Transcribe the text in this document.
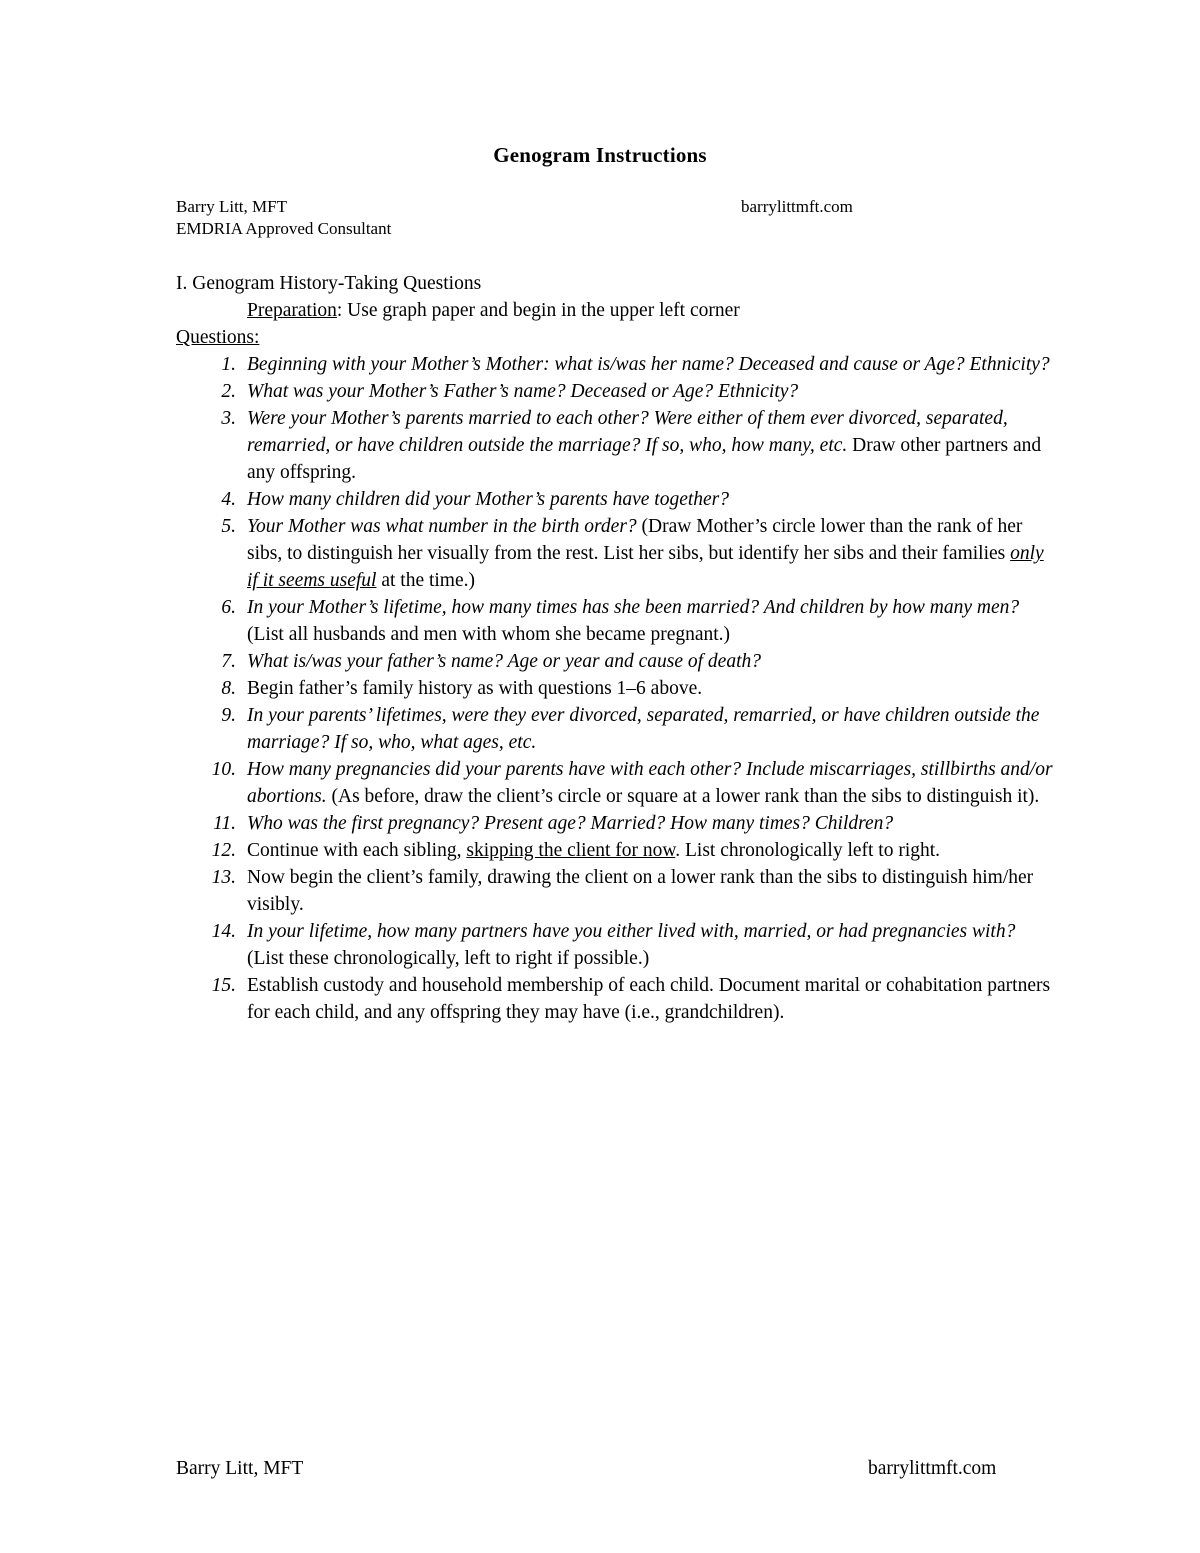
Genogram Instructions
Barry Litt, MFT
EMDRIA Approved Consultant
barrylittmft.com
I. Genogram History-Taking Questions
Preparation: Use graph paper and begin in the upper left corner
Questions:
1. Beginning with your Mother’s Mother: what is/was her name? Deceased and cause or Age? Ethnicity?
2. What was your Mother’s Father’s name? Deceased or Age? Ethnicity?
3. Were your Mother’s parents married to each other? Were either of them ever divorced, separated, remarried, or have children outside the marriage? If so, who, how many, etc. Draw other partners and any offspring.
4. How many children did your Mother’s parents have together?
5. Your Mother was what number in the birth order? (Draw Mother’s circle lower than the rank of her sibs, to distinguish her visually from the rest. List her sibs, but identify her sibs and their families only if it seems useful at the time.)
6. In your Mother’s lifetime, how many times has she been married? And children by how many men? (List all husbands and men with whom she became pregnant.)
7. What is/was your father’s name? Age or year and cause of death?
8. Begin father’s family history as with questions 1–6 above.
9. In your parents’ lifetimes, were they ever divorced, separated, remarried, or have children outside the marriage? If so, who, what ages, etc.
10. How many pregnancies did your parents have with each other? Include miscarriages, stillbirths and/or abortions. (As before, draw the client’s circle or square at a lower rank than the sibs to distinguish it).
11. Who was the first pregnancy? Present age? Married? How many times? Children?
12. Continue with each sibling, skipping the client for now. List chronologically left to right.
13. Now begin the client’s family, drawing the client on a lower rank than the sibs to distinguish him/her visibly.
14. In your lifetime, how many partners have you either lived with, married, or had pregnancies with? (List these chronologically, left to right if possible.)
15. Establish custody and household membership of each child. Document marital or cohabitation partners for each child, and any offspring they may have (i.e., grandchildren).
Barry Litt, MFT	barrylittmft.com
